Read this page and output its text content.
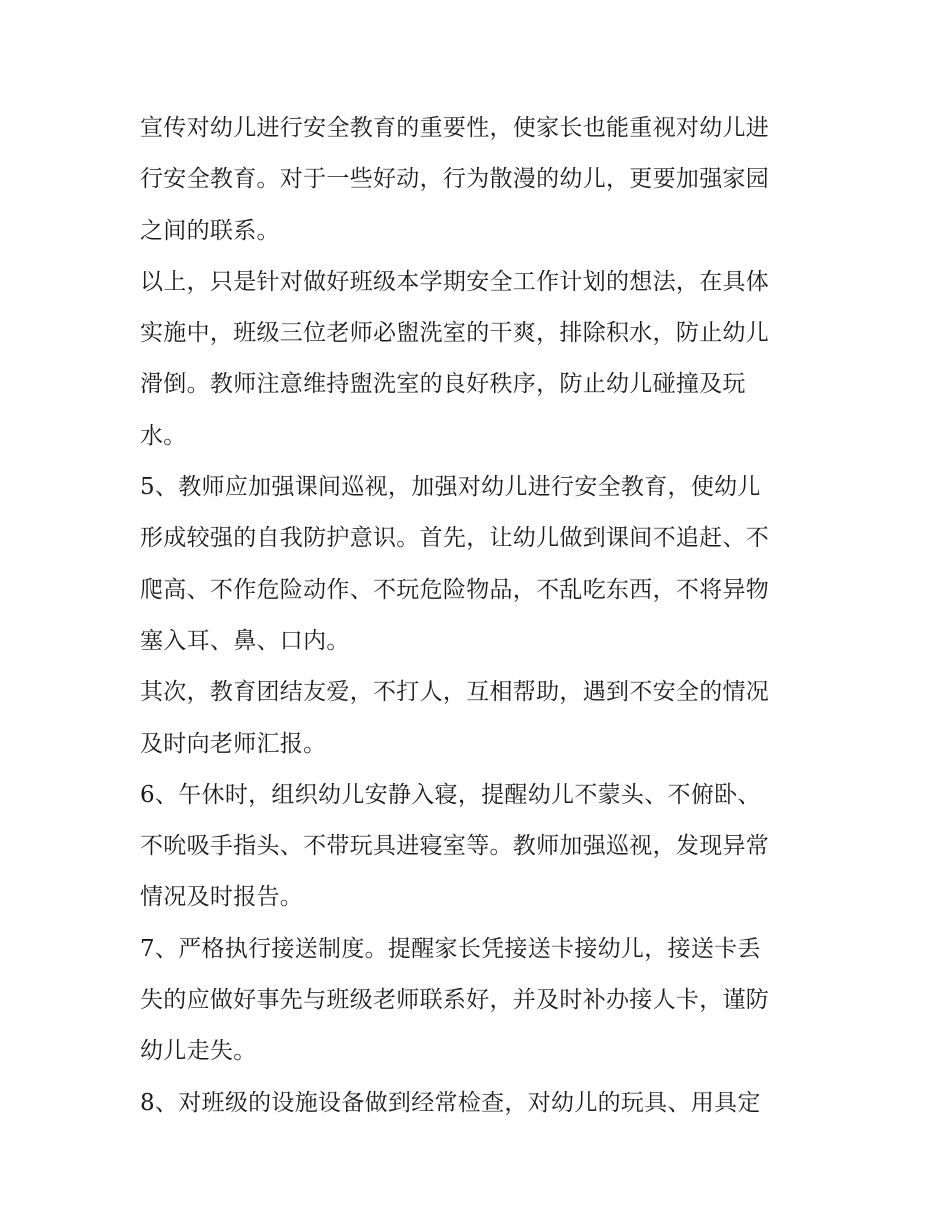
宣传对幼儿进行安全教育的重要性，使家长也能重视对幼儿进
行安全教育。对于一些好动，行为散漫的幼儿，更要加强家园
之间的联系。
以上，只是针对做好班级本学期安全工作计划的想法，在具体
实施中，班级三位老师必盥洗室的干爽，排除积水，防止幼儿
滑倒。教师注意维持盥洗室的良好秩序，防止幼儿碰撞及玩
水。
5、教师应加强课间巡视，加强对幼儿进行安全教育，使幼儿
形成较强的自我防护意识。首先，让幼儿做到课间不追赶、不
爬高、不作危险动作、不玩危险物品，不乱吃东西，不将异物
塞入耳、鼻、口内。
其次，教育团结友爱，不打人，互相帮助，遇到不安全的情况
及时向老师汇报。
6、午休时，组织幼儿安静入寝，提醒幼儿不蒙头、不俯卧、
不吮吸手指头、不带玩具进寝室等。教师加强巡视，发现异常
情况及时报告。
7、严格执行接送制度。提醒家长凭接送卡接幼儿，接送卡丢
失的应做好事先与班级老师联系好，并及时补办接人卡，谨防
幼儿走失。
8、对班级的设施设备做到经常检查，对幼儿的玩具、用具定
